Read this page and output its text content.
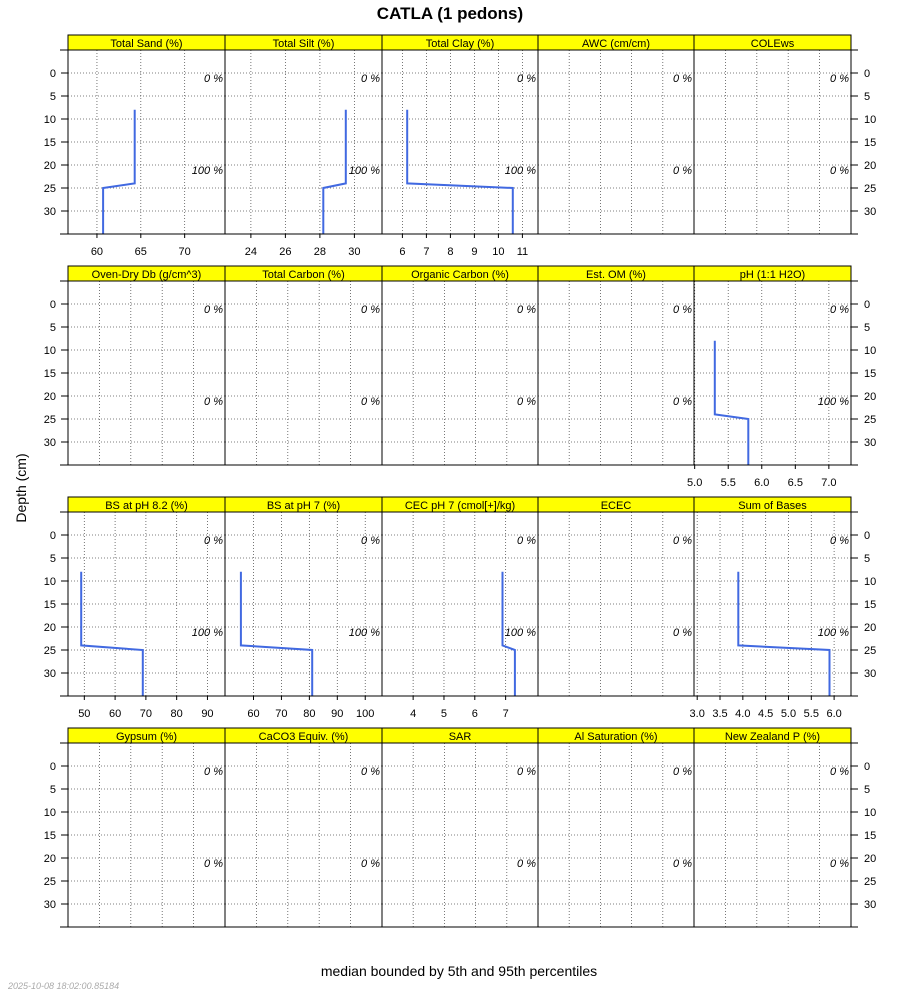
CATLA (1 pedons)
Total Sand (%)
0 %
100 %
60	65	70
Total Silt (%)
0 %
100 %
24 26 28 30
Total Clay (%)
0 %
100 %
6 7 8 9 10 11
AWC (cm/cm)
0 %
0 %
COLEws
0 %
0 %
Oven-Dry Db (g/cm^3)
0 %
0 %
Total Carbon (%)
0 %
0 %
Organic Carbon (%)
0 %
0 %
Est. OM (%)
0 %
0 %
pH (1:1 H2O)
0 %
100 %
5.0 5.5 6.0 6.5 7.0
BS at pH 8.2 (%)
0 %
100 %
50 60 70 80 90
BS at pH 7 (%)
0 %
100 %
60 70 80 90 100
CEC pH 7 (cmol[+]/kg)
0 %
100 %
4 5 6 7
ECEC
0 %
0 %
Sum of Bases
0 %
100 %
3.0 3.5 4.0 4.5 5.0 5.5 6.0
Gypsum (%)
0 %
0 %
CaCO3 Equiv. (%)
0 %
0 %
SAR
0 %
0 %
Al Saturation (%)
0 %
0 %
New Zealand P (%)
0 %
0 %
0	0
5	5
10	10
15	15
20	20
25	25
30	30
0	0
5	5
10	10
15	15
20	20
25	25
30	30
0	0
5	5
10	10
15	15
20	20
25	25
30	30
0	0
5	5
10	10
15	15
20	20
25	25
30	30
Depth (cm)
median bounded by 5th and 95th percentiles
2025-10-08 18:02:00.85184
